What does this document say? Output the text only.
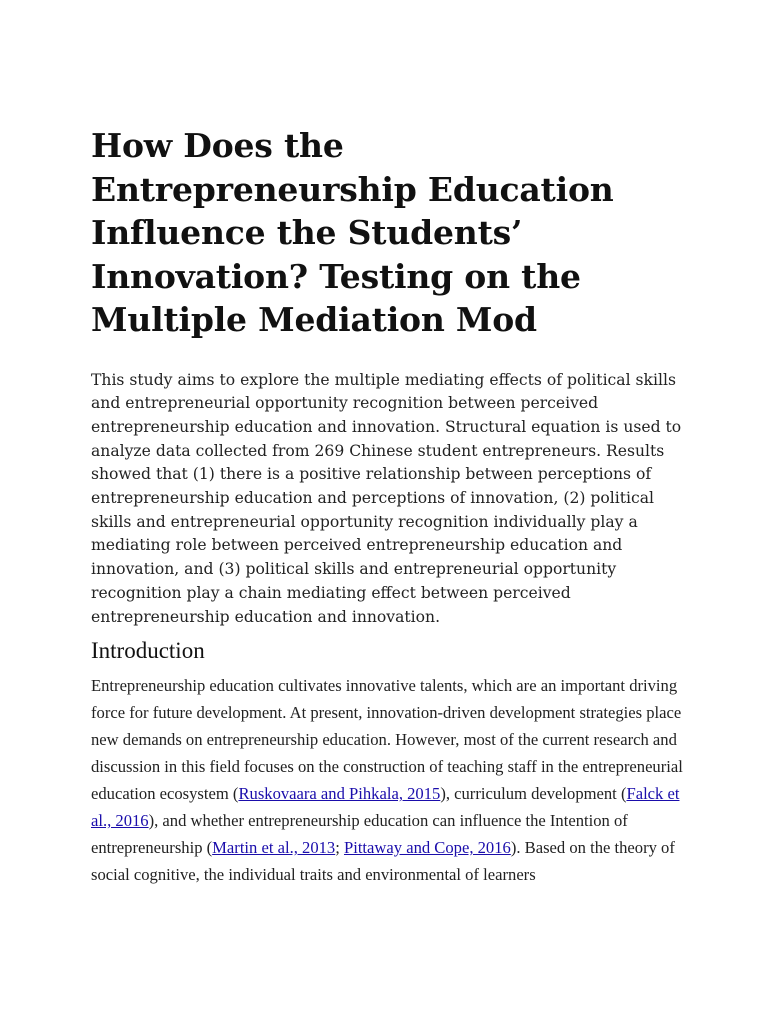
How Does the Entrepreneurship Education Influence the Students’ Innovation? Testing on the Multiple Mediation Mod

This study aims to explore the multiple mediating effects of political skills and entrepreneurial opportunity recognition between perceived entrepreneurship education and innovation. Structural equation is used to analyze data collected from 269 Chinese student entrepreneurs. Results showed that (1) there is a positive relationship between perceptions of entrepreneurship education and perceptions of innovation, (2) political skills and entrepreneurial opportunity recognition individually play a mediating role between perceived entrepreneurship education and innovation, and (3) political skills and entrepreneurial opportunity recognition play a chain mediating effect between perceived entrepreneurship education and innovation.

Introduction

Entrepreneurship education cultivates innovative talents, which are an important driving force for future development. At present, innovation-driven development strategies place new demands on entrepreneurship education. However, most of the current research and discussion in this field focuses on the construction of teaching staff in the entrepreneurial education ecosystem (Ruskovaara and Pihkala, 2015), curriculum development (Falck et al., 2016), and whether entrepreneurship education can influence the Intention of entrepreneurship (Martin et al., 2013; Pittaway and Cope, 2016). Based on the theory of social cognitive, the individual traits and environmental of learners
